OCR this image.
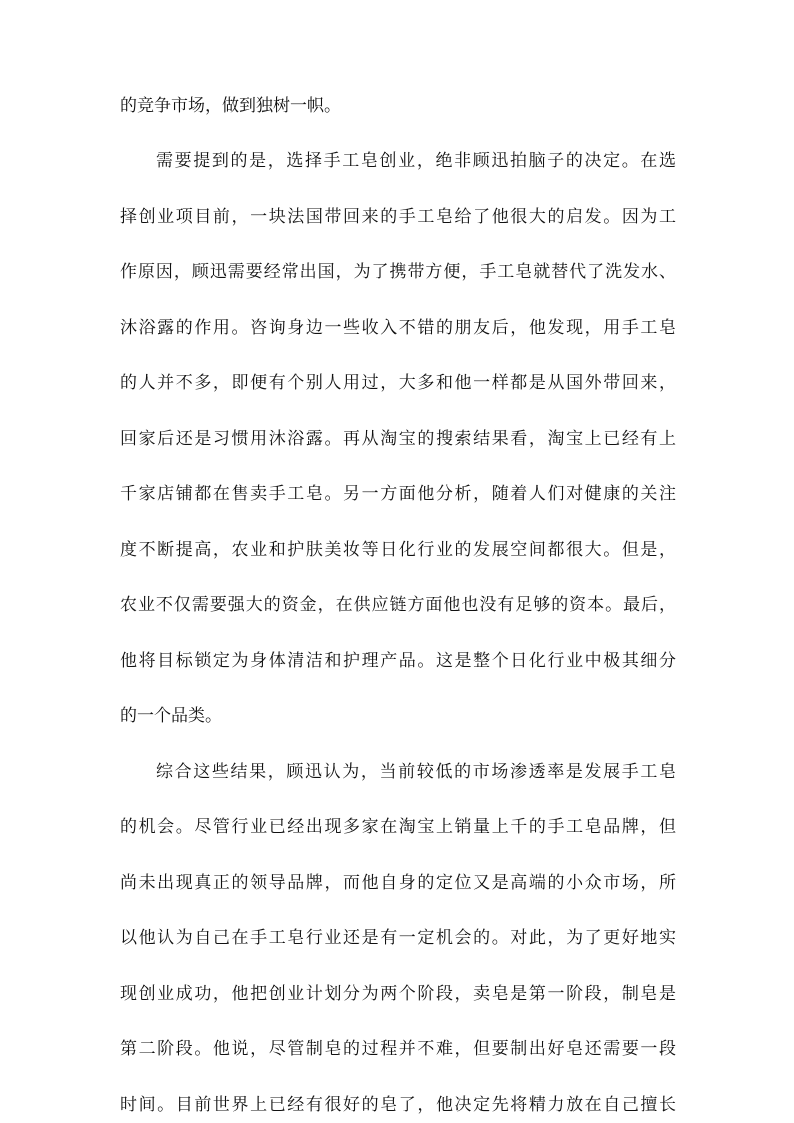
的竞争市场，做到独树一帜。
需要提到的是，选择手工皂创业，绝非顾迅拍脑子的决定。在选
择创业项目前，一块法国带回来的手工皂给了他很大的启发。因为工
作原因，顾迅需要经常出国，为了携带方便，手工皂就替代了洗发水、
沐浴露的作用。咨询身边一些收入不错的朋友后，他发现，用手工皂
的人并不多，即便有个别人用过，大多和他一样都是从国外带回来，
回家后还是习惯用沐浴露。再从淘宝的搜索结果看，淘宝上已经有上
千家店铺都在售卖手工皂。另一方面他分析，随着人们对健康的关注
度不断提高，农业和护肤美妆等日化行业的发展空间都很大。但是，
农业不仅需要强大的资金，在供应链方面他也没有足够的资本。最后，
他将目标锁定为身体清洁和护理产品。这是整个日化行业中极其细分
的一个品类。
综合这些结果，顾迅认为，当前较低的市场渗透率是发展手工皂
的机会。尽管行业已经出现多家在淘宝上销量上千的手工皂品牌，但
尚未出现真正的领导品牌，而他自身的定位又是高端的小众市场，所
以他认为自己在手工皂行业还是有一定机会的。对此，为了更好地实
现创业成功，他把创业计划分为两个阶段，卖皂是第一阶段，制皂是
第二阶段。他说，尽管制皂的过程并不难，但要制出好皂还需要一段
时间。目前世界上已经有很好的皂了，他决定先将精力放在自己擅长
